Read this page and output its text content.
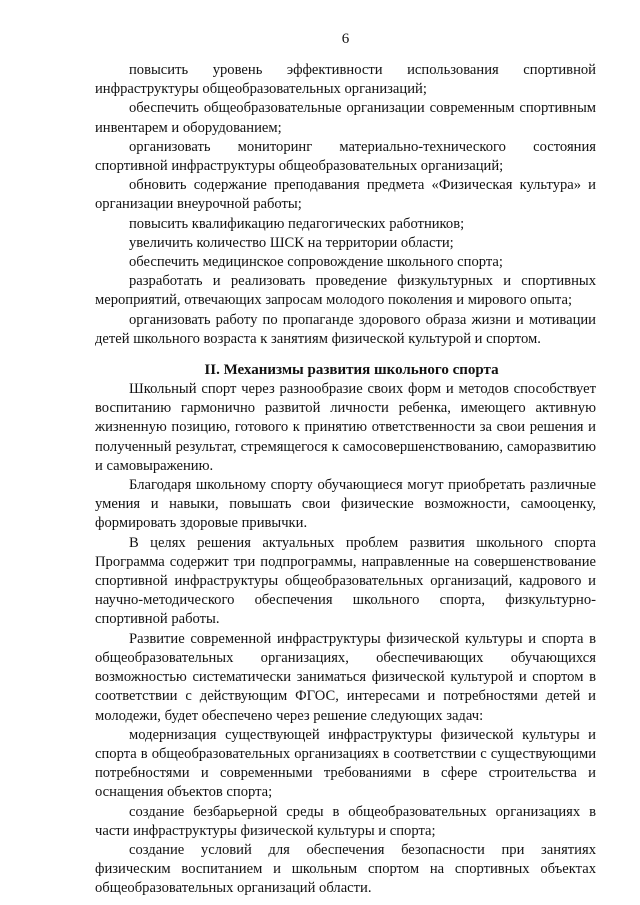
6

повысить уровень эффективности использования спортивной инфраструктуры общеобразовательных организаций;

обеспечить общеобразовательные организации современным спортивным инвентарем и оборудованием;

организовать мониторинг материально-технического состояния спортивной инфраструктуры общеобразовательных организаций;

обновить содержание преподавания предмета «Физическая культура» и организации внеурочной работы;

повысить квалификацию педагогических работников;

увеличить количество ШСК на территории области;

обеспечить медицинское сопровождение школьного спорта;

разработать и реализовать проведение физкультурных и спортивных мероприятий, отвечающих запросам молодого поколения и мирового опыта;

организовать работу по пропаганде здорового образа жизни и мотивации детей школьного возраста к занятиям физической культурой и спортом.

II. Механизмы развития школьного спорта

Школьный спорт через разнообразие своих форм и методов способствует воспитанию гармонично развитой личности ребенка, имеющего активную жизненную позицию, готового к принятию ответственности за свои решения и полученный результат, стремящегося к самосовершенствованию, саморазвитию и самовыражению.

Благодаря школьному спорту обучающиеся могут приобретать различные умения и навыки, повышать свои физические возможности, самооценку, формировать здоровые привычки.

В целях решения актуальных проблем развития школьного спорта Программа содержит три подпрограммы, направленные на совершенствование спортивной инфраструктуры общеобразовательных организаций, кадрового и научно-методического обеспечения школьного спорта, физкультурно-спортивной работы.

Развитие современной инфраструктуры физической культуры и спорта в общеобразовательных организациях, обеспечивающих обучающихся возможностью систематически заниматься физической культурой и спортом в соответствии с действующим ФГОС, интересами и потребностями детей и молодежи, будет обеспечено через решение следующих задач:

модернизация существующей инфраструктуры физической культуры и спорта в общеобразовательных организациях в соответствии с существующими потребностями и современными требованиями в сфере строительства и оснащения объектов спорта;

создание безбарьерной среды в общеобразовательных организациях в части инфраструктуры физической культуры и спорта;

создание условий для обеспечения безопасности при занятиях физическим воспитанием и школьным спортом на спортивных объектах общеобразовательных организаций области.
